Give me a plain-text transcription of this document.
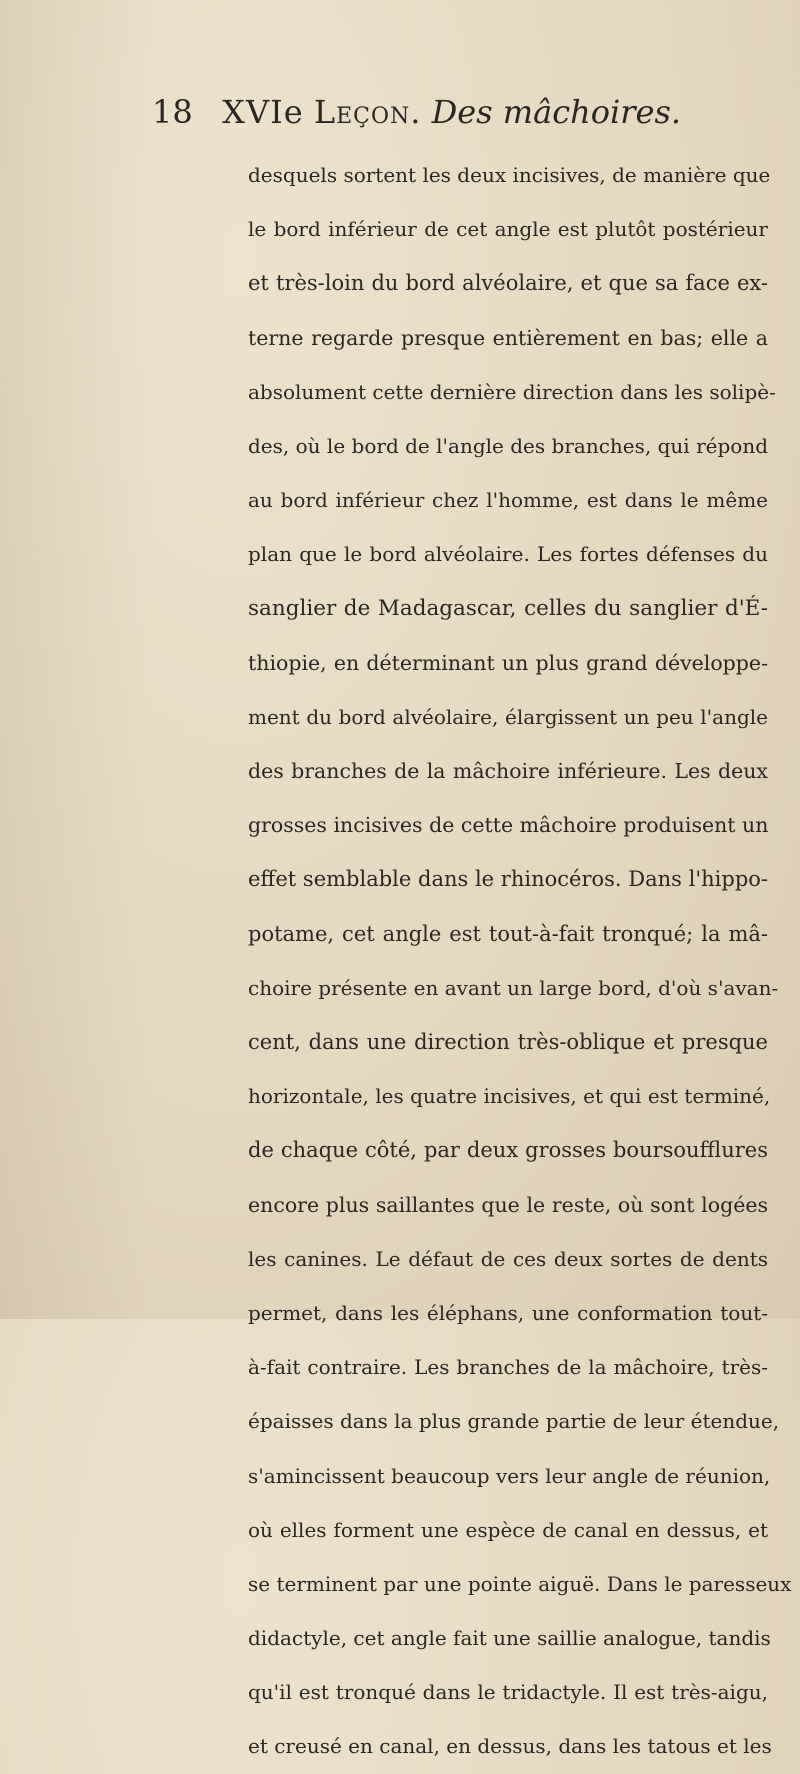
18 XVIe Leçon. Des mâchoires.
desquels sortent les deux incisives, de manière que
le bord inférieur de cet angle est plutôt postérieur
et très-loin du bord alvéolaire, et que sa face ex-
terne regarde presque entièrement en bas; elle a
absolument cette dernière direction dans les solipè-
des, où le bord de l'angle des branches, qui répond
au bord inférieur chez l'homme, est dans le même
plan que le bord alvéolaire. Les fortes défenses du
sanglier de Madagascar, celles du sanglier d'É-
thiopie, en déterminant un plus grand développe-
ment du bord alvéolaire, élargissent un peu l'angle
des branches de la mâchoire inférieure. Les deux
grosses incisives de cette mâchoire produisent un
effet semblable dans le rhinocéros. Dans l'hippo-
potame, cet angle est tout-à-fait tronqué; la mâ-
choire présente en avant un large bord, d'où s'avan-
cent, dans une direction très-oblique et presque
horizontale, les quatre incisives, et qui est terminé,
de chaque côté, par deux grosses boursoufflures
encore plus saillantes que le reste, où sont logées
les canines. Le défaut de ces deux sortes de dents
permet, dans les éléphans, une conformation tout-
à-fait contraire. Les branches de la mâchoire, très-
épaisses dans la plus grande partie de leur étendue,
s'amincissent beaucoup vers leur angle de réunion,
où elles forment une espèce de canal en dessus, et
se terminent par une pointe aiguë. Dans le paresseux
didactyle, cet angle fait une saillie analogue, tandis
qu'il est tronqué dans le tridactyle. Il est très-aigu,
et creusé en canal, en dessus, dans les tatous et les
